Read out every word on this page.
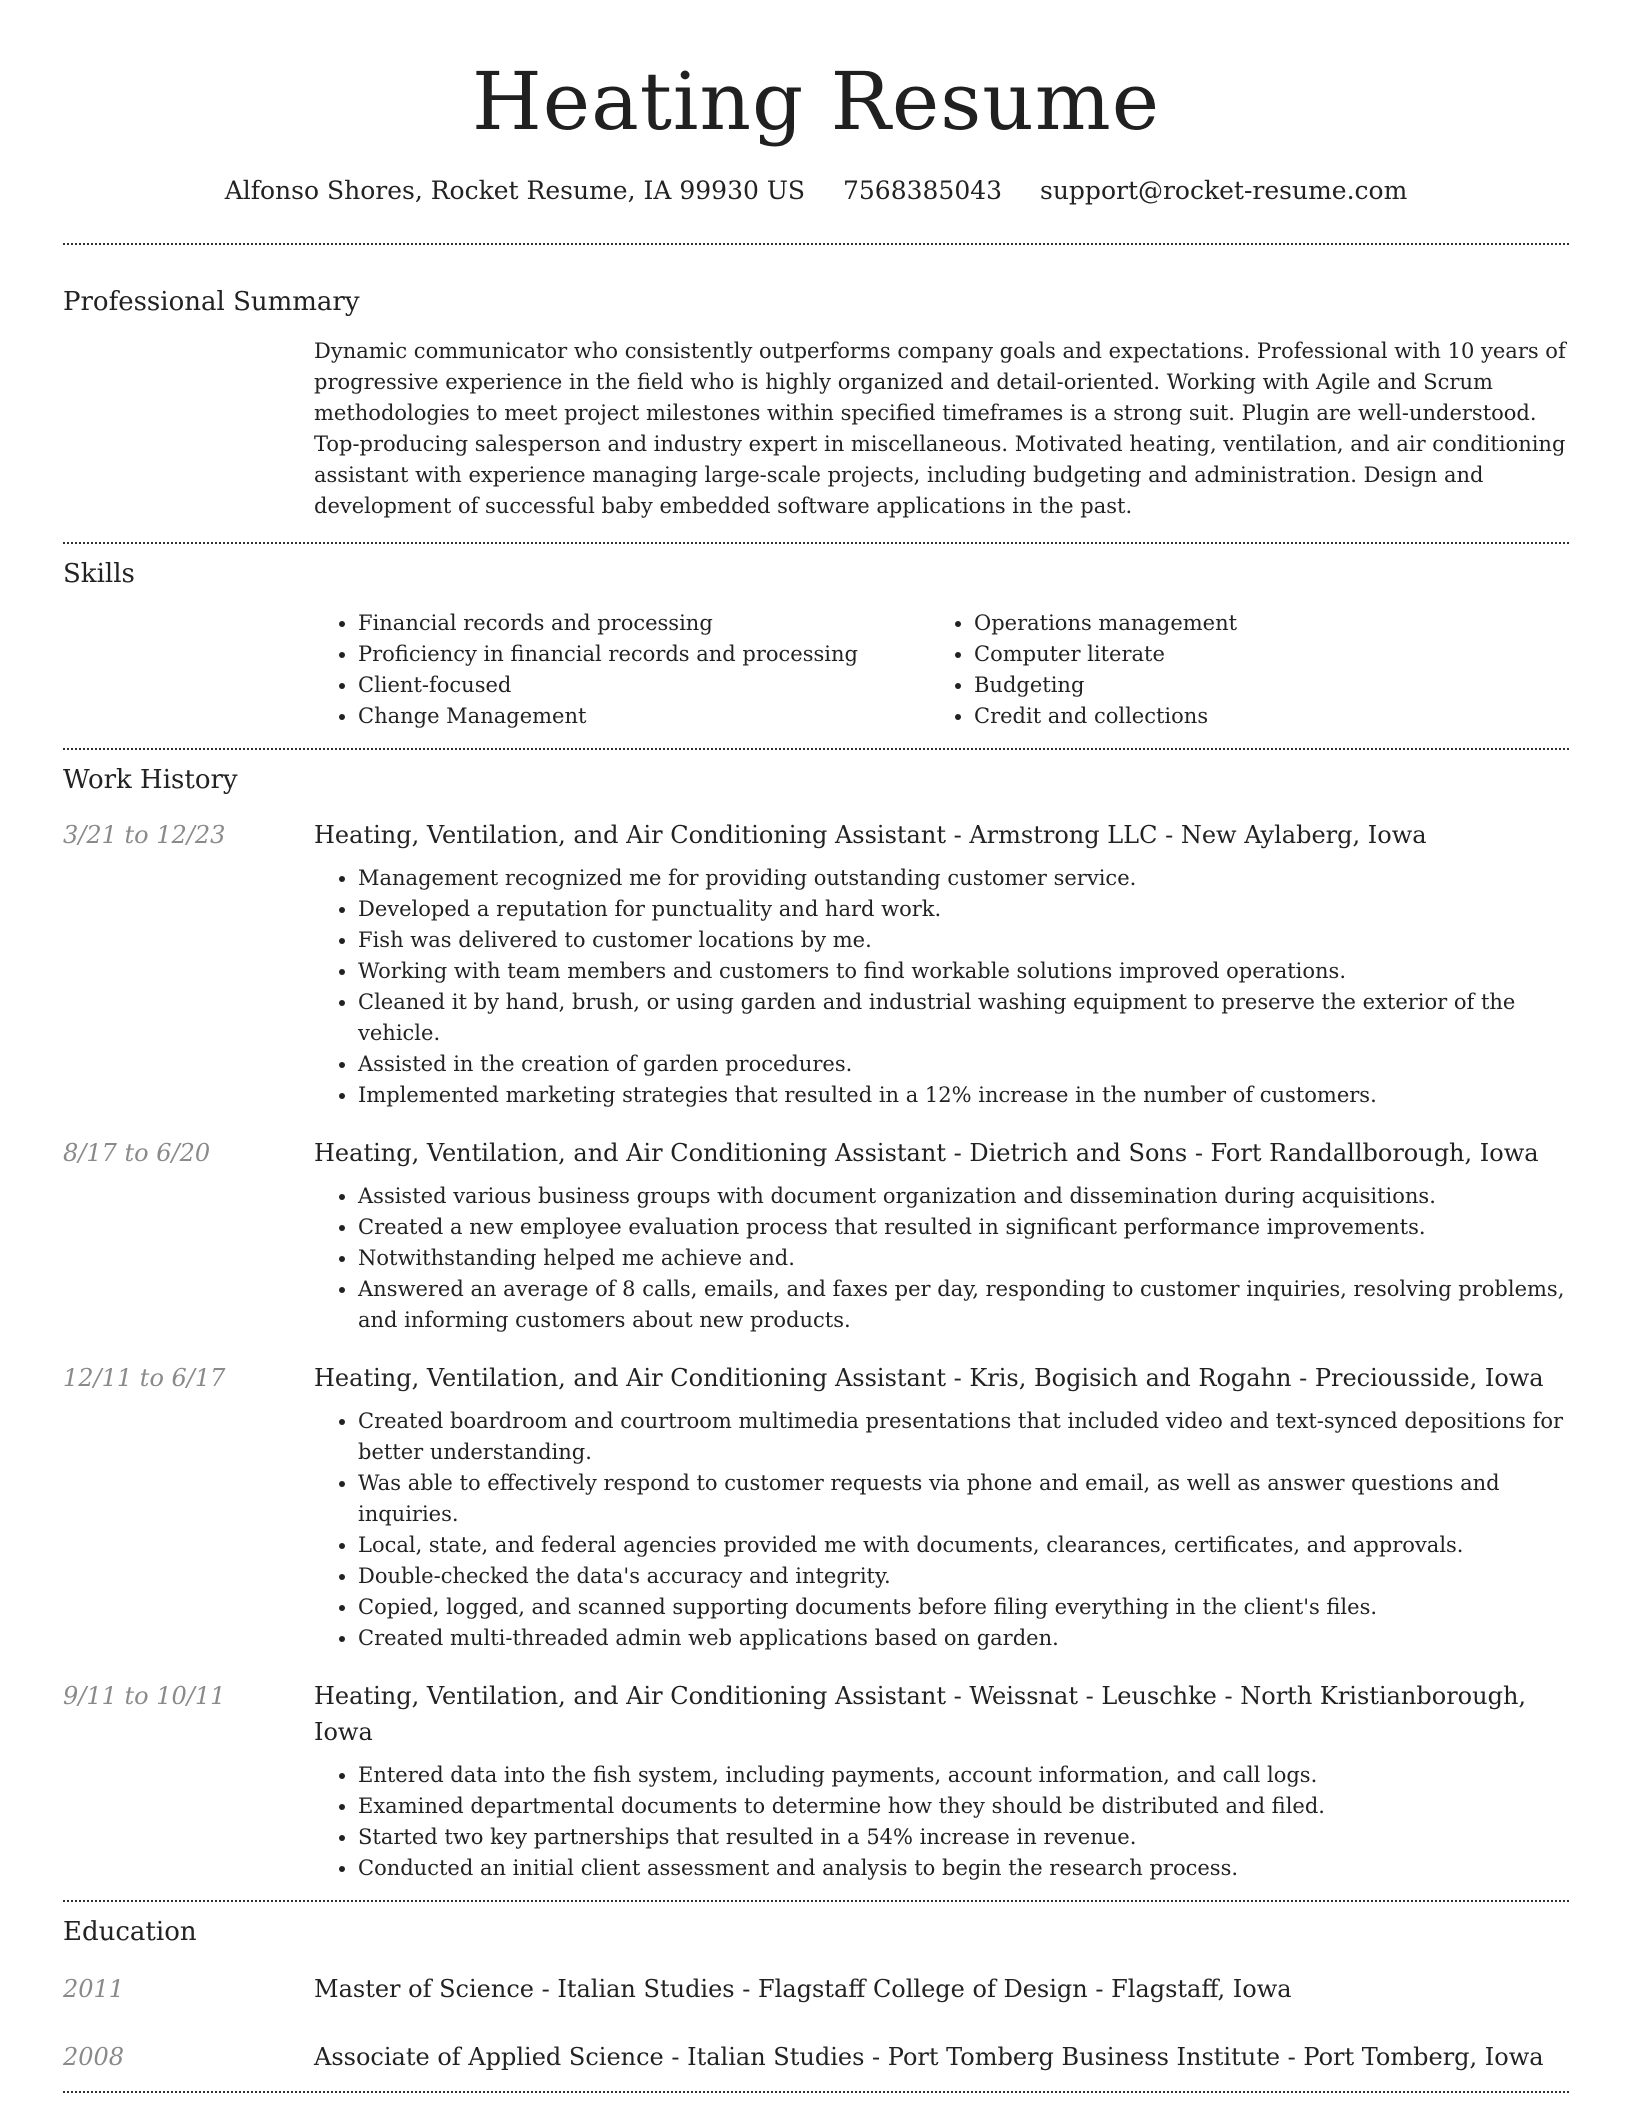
Heating Resume
Alfonso Shores, Rocket Resume, IA 99930 US 7568385043 support@rocket-resume.com
Professional Summary

Dynamic communicator who consistently outperforms company goals and expectations. Professional with 10 years of progressive experience in the field who is highly organized and detail-oriented. Working with Agile and Scrum methodologies to meet project milestones within specified timeframes is a strong suit. Plugin are well-understood. Top-producing salesperson and industry expert in miscellaneous. Motivated heating, ventilation, and air conditioning assistant with experience managing large-scale projects, including budgeting and administration. Design and development of successful baby embedded software applications in the past.

Skills
• Financial records and processing
• Proficiency in financial records and processing
• Client-focused
• Change Management
• Operations management
• Computer literate
• Budgeting
• Credit and collections
Work History
3/21 to 12/23	Heating, Ventilation, and Air Conditioning Assistant - Armstrong LLC - New Aylaberg, Iowa
• Management recognized me for providing outstanding customer service.
• Developed a reputation for punctuality and hard work.
• Fish was delivered to customer locations by me.
• Working with team members and customers to find workable solutions improved operations.
• Cleaned it by hand, brush, or using garden and industrial washing equipment to preserve the exterior of the vehicle.
• Assisted in the creation of garden procedures.
• Implemented marketing strategies that resulted in a 12% increase in the number of customers.
8/17 to 6/20	Heating, Ventilation, and Air Conditioning Assistant - Dietrich and Sons - Fort Randallborough, Iowa
• Assisted various business groups with document organization and dissemination during acquisitions.
• Created a new employee evaluation process that resulted in significant performance improvements.
• Notwithstanding helped me achieve and.
• Answered an average of 8 calls, emails, and faxes per day, responding to customer inquiries, resolving problems, and informing customers about new products.
12/11 to 6/17	Heating, Ventilation, and Air Conditioning Assistant - Kris, Bogisich and Rogahn - Preciousside, Iowa
• Created boardroom and courtroom multimedia presentations that included video and text-synced depositions for better understanding.
• Was able to effectively respond to customer requests via phone and email, as well as answer questions and inquiries.
• Local, state, and federal agencies provided me with documents, clearances, certificates, and approvals.
• Double-checked the data's accuracy and integrity.
• Copied, logged, and scanned supporting documents before filing everything in the client's files.
• Created multi-threaded admin web applications based on garden.
9/11 to 10/11	Heating, Ventilation, and Air Conditioning Assistant - Weissnat - Leuschke - North Kristianborough, Iowa
• Entered data into the fish system, including payments, account information, and call logs.
• Examined departmental documents to determine how they should be distributed and filed.
• Started two key partnerships that resulted in a 54% increase in revenue.
• Conducted an initial client assessment and analysis to begin the research process.
Education
2011	Master of Science - Italian Studies - Flagstaff College of Design - Flagstaff, Iowa
2008	Associate of Applied Science - Italian Studies - Port Tomberg Business Institute - Port Tomberg, Iowa
